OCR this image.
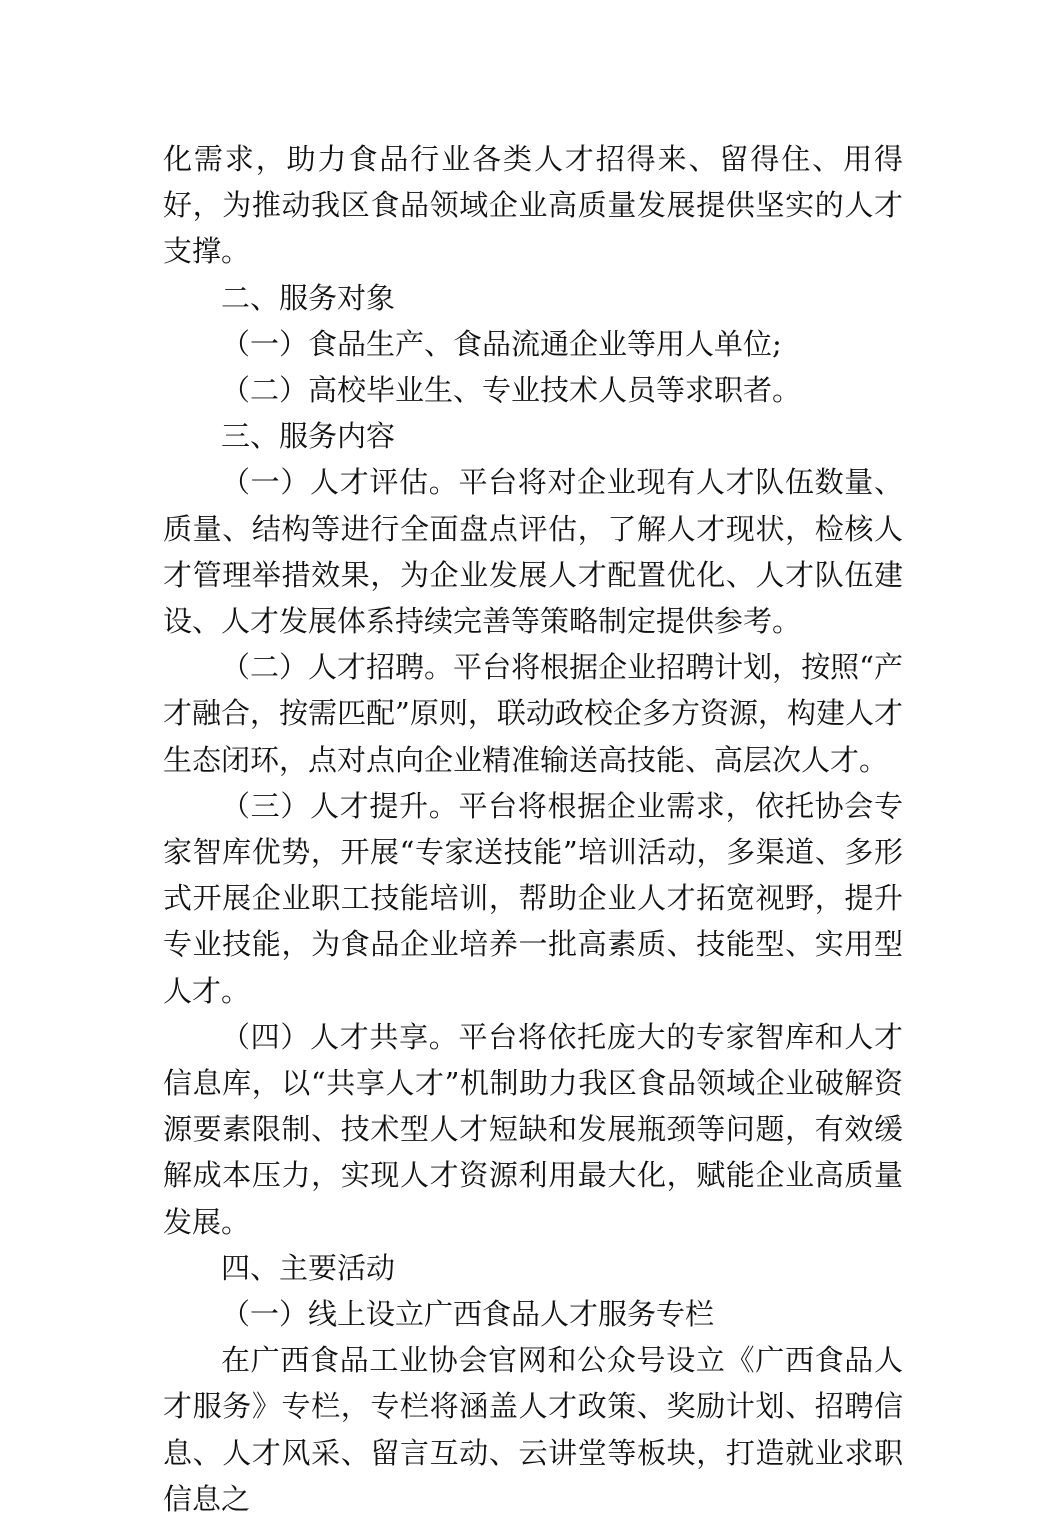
化需求，助力食品行业各类人才招得来、留得住、用得好，为推动我区食品领域企业高质量发展提供坚实的人才支撑。

二、服务对象

（一）食品生产、食品流通企业等用人单位;

（二）高校毕业生、专业技术人员等求职者。

三、服务内容

（一）人才评估。平台将对企业现有人才队伍数量、质量、结构等进行全面盘点评估，了解人才现状，检核人才管理举措效果，为企业发展人才配置优化、人才队伍建设、人才发展体系持续完善等策略制定提供参考。

（二）人才招聘。平台将根据企业招聘计划，按照“产才融合，按需匹配”原则，联动政校企多方资源，构建人才生态闭环，点对点向企业精准输送高技能、高层次人才。

（三）人才提升。平台将根据企业需求，依托协会专家智库优势，开展“专家送技能”培训活动，多渠道、多形式开展企业职工技能培训，帮助企业人才拓宽视野，提升专业技能，为食品企业培养一批高素质、技能型、实用型人才。

（四）人才共享。平台将依托庞大的专家智库和人才信息库，以“共享人才”机制助力我区食品领域企业破解资源要素限制、技术型人才短缺和发展瓶颈等问题，有效缓解成本压力，实现人才资源利用最大化，赋能企业高质量发展。

四、主要活动

（一）线上设立广西食品人才服务专栏

在广西食品工业协会官网和公众号设立《广西食品人才服务》专栏，专栏将涵盖人才政策、奖励计划、招聘信息、人才风采、留言互动、云讲堂等板块，打造就业求职信息之
